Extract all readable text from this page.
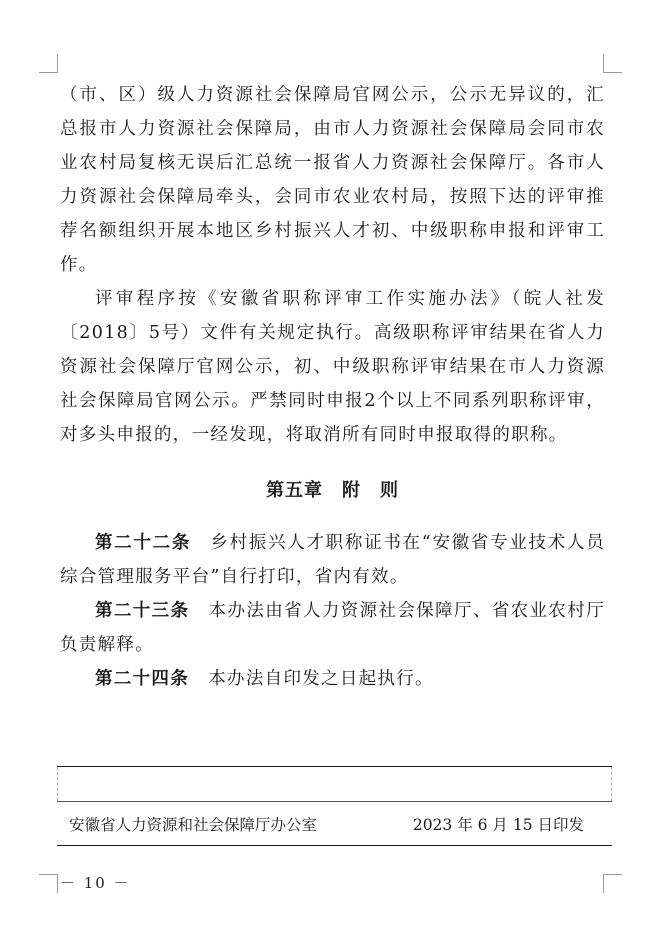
（市、区）级人力资源社会保障局官网公示，公示无异议的，汇总报市人力资源社会保障局，由市人力资源社会保障局会同市农业农村局复核无误后汇总统一报省人力资源社会保障厅。各市人力资源社会保障局牵头，会同市农业农村局，按照下达的评审推荐名额组织开展本地区乡村振兴人才初、中级职称申报和评审工作。

评审程序按《安徽省职称评审工作实施办法》（皖人社发〔2018〕5号）文件有关规定执行。高级职称评审结果在省人力资源社会保障厅官网公示，初、中级职称评审结果在市人力资源社会保障局官网公示。严禁同时申报2个以上不同系列职称评审，对多头申报的，一经发现，将取消所有同时申报取得的职称。

第五章　附　则

第二十二条 乡村振兴人才职称证书在“安徽省专业技术人员综合管理服务平台”自行打印，省内有效。

第二十三条 本办法由省人力资源社会保障厅、省农业农村厅负责解释。

第二十四条 本办法自印发之日起执行。

安徽省人力资源和社会保障厅办公室	2023 年 6 月 15 日印发
－ 10 －
